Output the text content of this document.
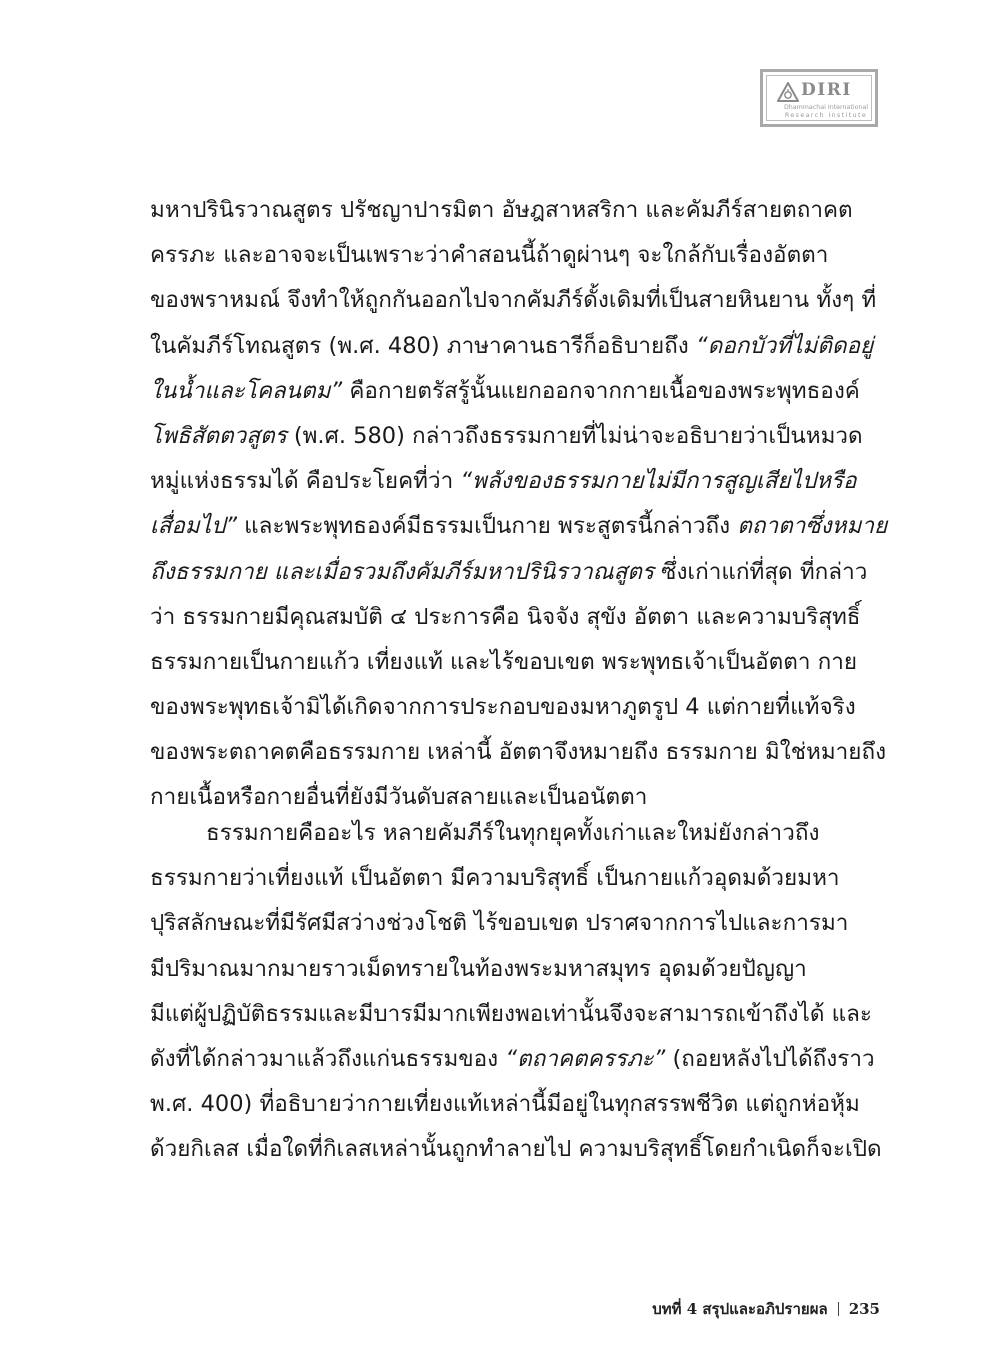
DIRI
Dhammachai International
Research Institute
มหาปรินิรวาณสูตร ปรัชญาปารมิตา อัษฎสาหสริกา และคัมภีร์สายตถาคต
ครรภะ และอาจจะเป็นเพราะว่าคำสอนนี้ถ้าดูผ่านๆ จะใกล้กับเรื่องอัตตา
ของพราหมณ์ จึงทำให้ถูกกันออกไปจากคัมภีร์ดั้งเดิมที่เป็นสายหินยาน ทั้งๆ ที่
ในคัมภีร์โทณสูตร (พ.ศ. 480) ภาษาคานธารีก็อธิบายถึง “ดอกบัวที่ไม่ติดอยู่
ในน้ำและโคลนตม” คือกายตรัสรู้นั้นแยกออกจากกายเนื้อของพระพุทธองค์
โพธิสัตตวสูตร (พ.ศ. 580) กล่าวถึงธรรมกายที่ไม่น่าจะอธิบายว่าเป็นหมวด
หมู่แห่งธรรมได้ คือประโยคที่ว่า “พลังของธรรมกายไม่มีการสูญเสียไปหรือ
เสื่อมไป” และพระพุทธองค์มีธรรมเป็นกาย พระสูตรนี้กล่าวถึง ตถาตาซึ่งหมาย
ถึงธรรมกาย และเมื่อรวมถึงคัมภีร์มหาปรินิรวาณสูตร ซึ่งเก่าแก่ที่สุด ที่กล่าว
ว่า ธรรมกายมีคุณสมบัติ ๔ ประการคือ นิจจัง สุขัง อัตตา และความบริสุทธิ์
ธรรมกายเป็นกายแก้ว เที่ยงแท้ และไร้ขอบเขต พระพุทธเจ้าเป็นอัตตา กาย
ของพระพุทธเจ้ามิได้เกิดจากการประกอบของมหาภูตรูป 4 แต่กายที่แท้จริง
ของพระตถาคตคือธรรมกาย เหล่านี้ อัตตาจึงหมายถึง ธรรมกาย มิใช่หมายถึง
กายเนื้อหรือกายอื่นที่ยังมีวันดับสลายและเป็นอนัตตา
ธรรมกายคืออะไร หลายคัมภีร์ในทุกยุคทั้งเก่าและใหม่ยังกล่าวถึง
ธรรมกายว่าเที่ยงแท้ เป็นอัตตา มีความบริสุทธิ์ เป็นกายแก้วอุดมด้วยมหา
ปุริสลักษณะที่มีรัศมีสว่างช่วงโชติ ไร้ขอบเขต ปราศจากการไปและการมา
มีปริมาณมากมายราวเม็ดทรายในท้องพระมหาสมุทร อุดมด้วยปัญญา
มีแต่ผู้ปฏิบัติธรรมและมีบารมีมากเพียงพอเท่านั้นจึงจะสามารถเข้าถึงได้ และ
ดังที่ได้กล่าวมาแล้วถึงแก่นธรรมของ “ตถาคตครรภะ” (ถอยหลังไปได้ถึงราว
พ.ศ. 400) ที่อธิบายว่ากายเที่ยงแท้เหล่านี้มีอยู่ในทุกสรรพชีวิต แต่ถูกห่อหุ้ม
ด้วยกิเลส เมื่อใดที่กิเลสเหล่านั้นถูกทำลายไป ความบริสุทธิ์โดยกำเนิดก็จะเปิด
บทที่ 4 สรุปและอภิปรายผล 235
